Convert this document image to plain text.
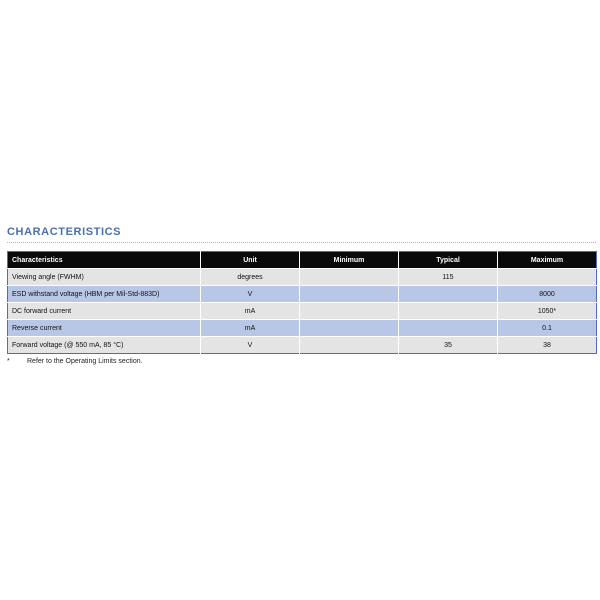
CHARACTERISTICS
Characteristics	Unit	Minimum	Typical	Maximum
Viewing angle (FWHM)	degrees		115	
ESD withstand voltage (HBM per Mil-Std-883D)	V			8000
DC forward current	mA			1050*
Reverse current	mA			0.1
Forward voltage (@ 550 mA, 85 °C)	V		35	38
*	Refer to the Operating Limits section.
